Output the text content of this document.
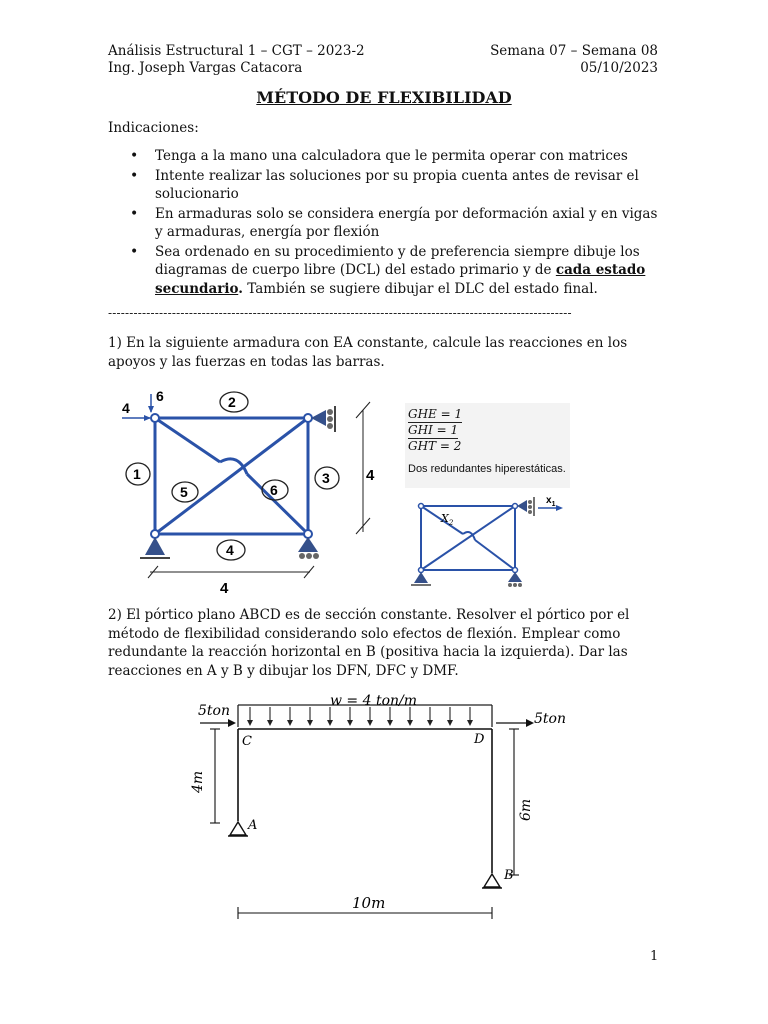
Análisis Estructural 1 – CGT – 2023-2
Ing. Joseph Vargas Catacora
Semana 07 – Semana 08
05/10/2023
MÉTODO DE FLEXIBILIDAD
Indicaciones:
• Tenga a la mano una calculadora que le permita operar con matrices
• Intente realizar las soluciones por su propia cuenta antes de revisar el solucionario
• En armaduras solo se considera energía por deformación axial y en vigas y armaduras, energía por flexión
• Sea ordenado en su procedimiento y de preferencia siempre dibuje los diagramas de cuerpo libre (DCL) del estado primario y de cada estado secundario. También se sugiere dibujar el DLC del estado final.
-------------------------------------------------------------------------------------------------------------
1) En la siguiente armadura con EA constante, calcule las reacciones en los apoyos y las fuerzas en todas las barras.
4
6	2
1	3
4
5	6
4
4
GHE = 1
GHI = 1
GHT = 2
Dos redundantes hiperestáticas.
$x_1$
$X_2$
2) El pórtico plano ABCD es de sección constante. Resolver el pórtico por el método de flexibilidad considerando solo efectos de flexión. Emplear como redundante la reacción horizontal en B (positiva hacia la izquierda). Dar las reacciones en A y B y dibujar los DFN, DFC y DMF.
5ton	5ton
w = 4 ton/m
C	D
A
B
4m
6m
10m
1
